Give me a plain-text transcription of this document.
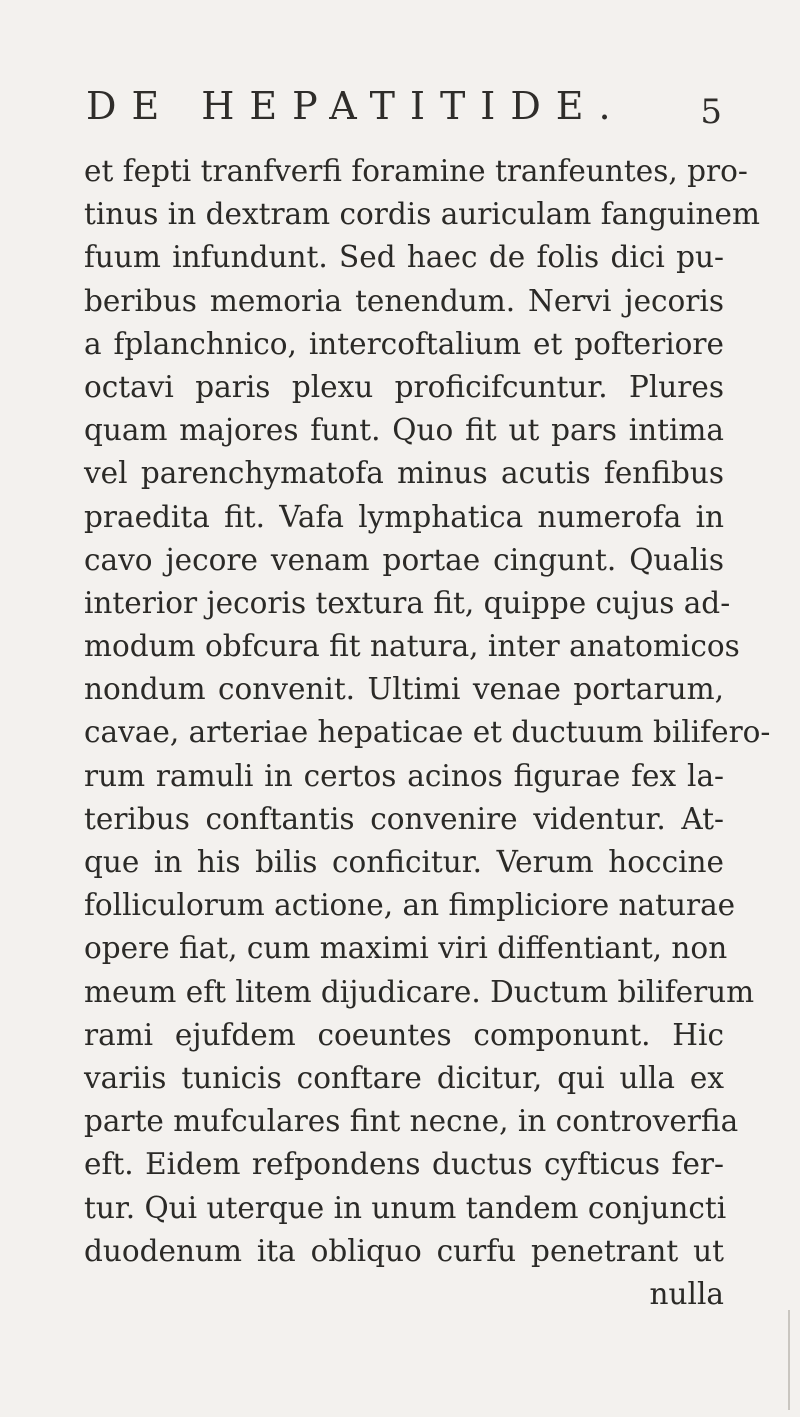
DE HEPATITIDE. 5
et fepti tranfverfi foramine tranfeuntes, pro-
tinus in dextram cordis auriculam fanguinem
fuum infundunt. Sed haec de folis dici pu-
beribus memoria tenendum. Nervi jecoris
a fplanchnico, intercoftalium et pofteriore
octavi paris plexu proficifcuntur. Plures
quam majores funt. Quo fit ut pars intima
vel parenchymatofa minus acutis fenfibus
praedita fit. Vafa lymphatica numerofa in
cavo jecore venam portae cingunt. Qualis
interior jecoris textura fit, quippe cujus ad-
modum obfcura fit natura, inter anatomicos
nondum convenit. Ultimi venae portarum,
cavae, arteriae hepaticae et ductuum bilifero-
rum ramuli in certos acinos figurae fex la-
teribus conftantis convenire videntur. At-
que in his bilis conficitur. Verum hoccine
folliculorum actione, an fimpliciore naturae
opere fiat, cum maximi viri diffentiant, non
meum eft litem dijudicare. Ductum biliferum
rami ejufdem coeuntes componunt. Hic
variis tunicis conftare dicitur, qui ulla ex
parte mufculares fint necne, in controverfia
eft. Eidem refpondens ductus cyfticus fer-
tur. Qui uterque in unum tandem conjuncti
duodenum ita obliquo curfu penetrant ut
nulla
